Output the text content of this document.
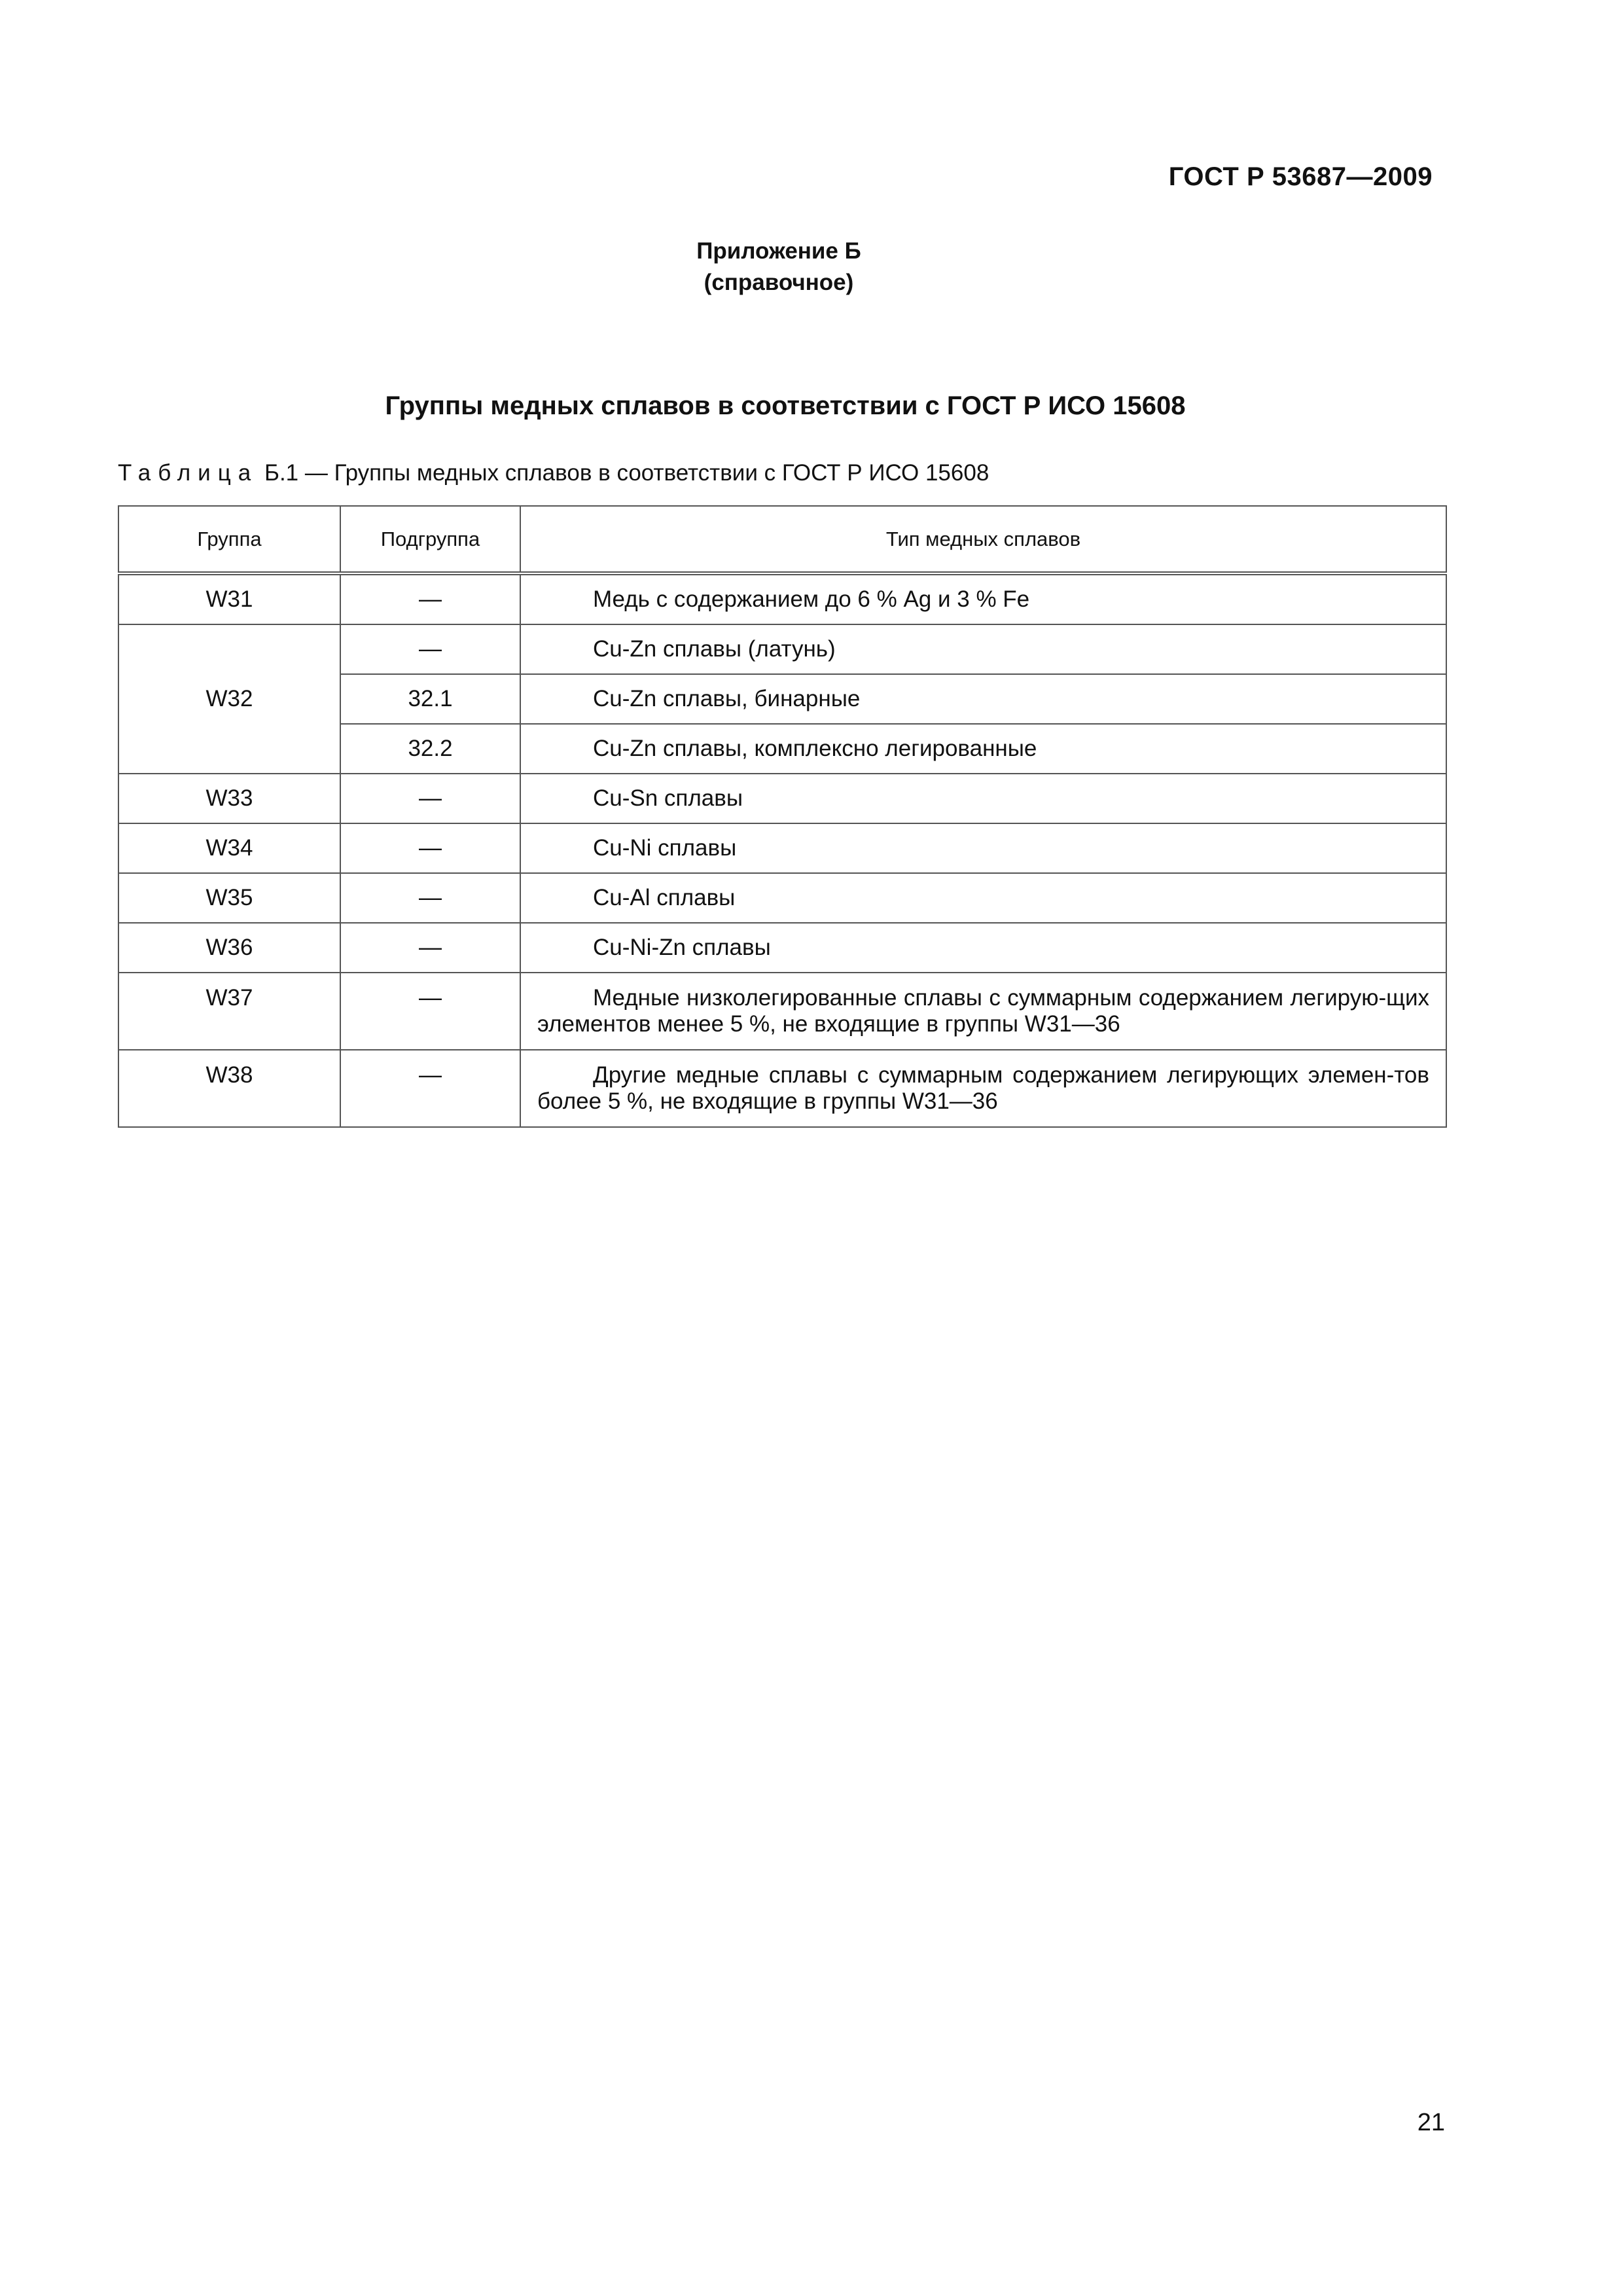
ГОСТ Р 53687—2009
Приложение Б
(справочное)
Группы медных сплавов в соответствии с ГОСТ Р ИСО 15608
Таблица Б.1 — Группы медных сплавов в соответствии с ГОСТ Р ИСО 15608
Группа	Подгруппа	Тип медных сплавов
W31	—	Медь с содержанием до 6 % Ag и 3 % Fe
W32	—	Cu-Zn сплавы (латунь)
	32.1	Cu-Zn сплавы, бинарные
	32.2	Cu-Zn сплавы, комплексно легированные
W33	—	Cu-Sn сплавы
W34	—	Cu-Ni сплавы
W35	—	Cu-Al сплавы
W36	—	Cu-Ni-Zn сплавы
W37	—	Медные низколегированные сплавы с суммарным содержанием легирую-щих элементов менее 5 %, не входящие в группы W31—36
W38	—	Другие медные сплавы с суммарным содержанием легирующих элемен-тов более 5 %, не входящие в группы W31—36
21
